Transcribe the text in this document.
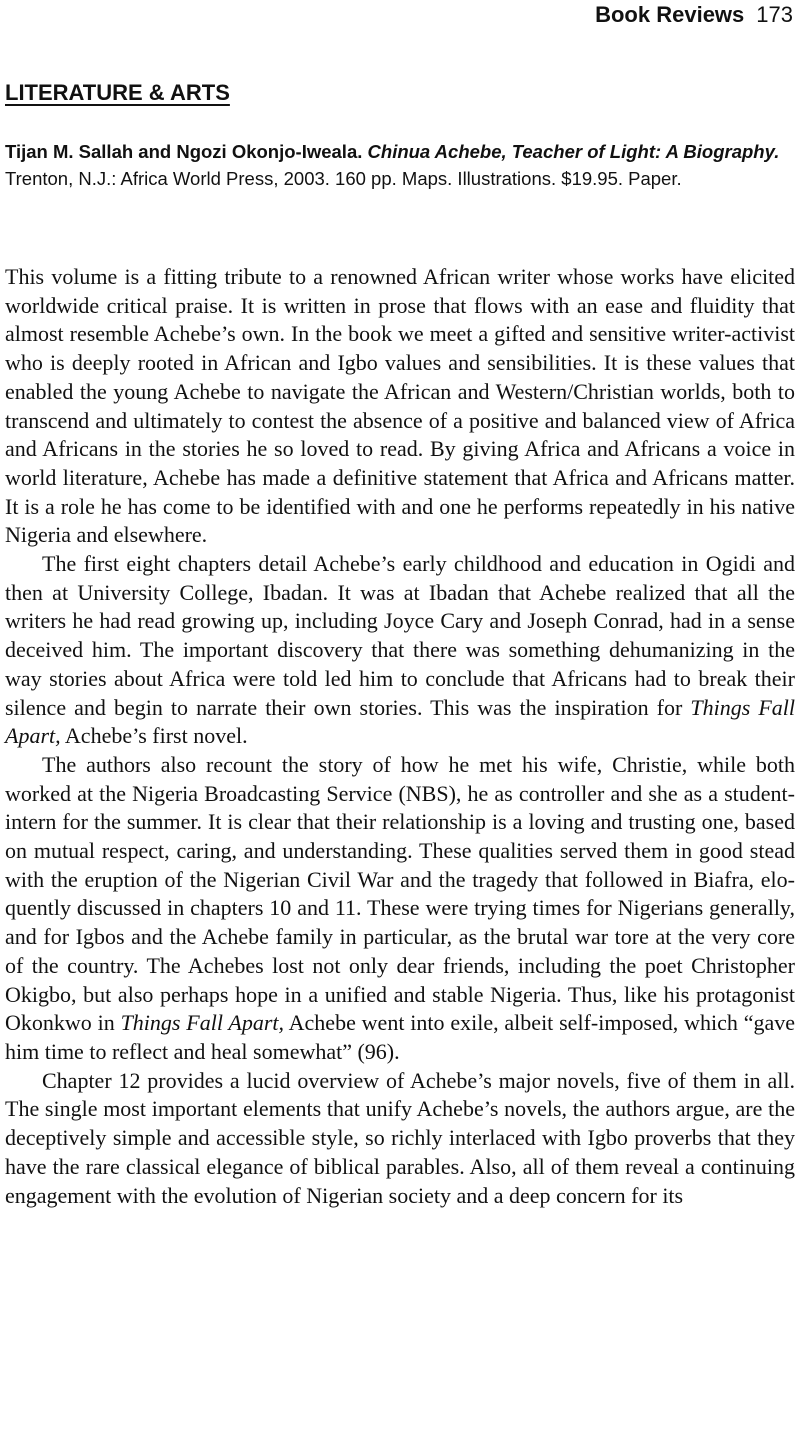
Book Reviews 173
LITERATURE & ARTS

Tijan M. Sallah and Ngozi Okonjo-Iweala. Chinua Achebe, Teacher of Light: A Biography. Trenton, N.J.: Africa World Press, 2003. 160 pp. Maps. Illustrations. $19.95. Paper.

This volume is a fitting tribute to a renowned African writer whose works have elicited worldwide critical praise. It is written in prose that flows with an ease and fluidity that almost resemble Achebe’s own. In the book we meet a gifted and sensitive writer-activist who is deeply rooted in African and Igbo values and sensibilities. It is these values that enabled the young Achebe to navigate the African and Western/Christian worlds, both to transcend and ultimately to contest the absence of a positive and balanced view of Africa and Africans in the stories he so loved to read. By giving Africa and Africans a voice in world literature, Achebe has made a definitive statement that Africa and Africans matter. It is a role he has come to be identified with and one he performs repeatedly in his native Nigeria and elsewhere.

The first eight chapters detail Achebe’s early childhood and education in Ogidi and then at University College, Ibadan. It was at Ibadan that Achebe realized that all the writers he had read growing up, including Joyce Cary and Joseph Conrad, had in a sense deceived him. The important discovery that there was something dehumanizing in the way stories about Africa were told led him to conclude that Africans had to break their silence and begin to narrate their own stories. This was the inspiration for Things Fall Apart, Achebe’s first novel.

The authors also recount the story of how he met his wife, Christie, while both worked at the Nigeria Broadcasting Service (NBS), he as controller and she as a student-intern for the summer. It is clear that their relationship is a loving and trusting one, based on mutual respect, caring, and understanding. These qualities served them in good stead with the eruption of the Nigerian Civil War and the tragedy that followed in Biafra, eloquently discussed in chapters 10 and 11. These were trying times for Nigerians generally, and for Igbos and the Achebe family in particular, as the brutal war tore at the very core of the country. The Achebes lost not only dear friends, including the poet Christopher Okigbo, but also perhaps hope in a unified and stable Nigeria. Thus, like his protagonist Okonkwo in Things Fall Apart, Achebe went into exile, albeit self-imposed, which “gave him time to reflect and heal somewhat” (96).

Chapter 12 provides a lucid overview of Achebe’s major novels, five of them in all. The single most important elements that unify Achebe’s novels, the authors argue, are the deceptively simple and accessible style, so richly interlaced with Igbo proverbs that they have the rare classical elegance of biblical parables. Also, all of them reveal a continuing engagement with the evolution of Nigerian society and a deep concern for its
